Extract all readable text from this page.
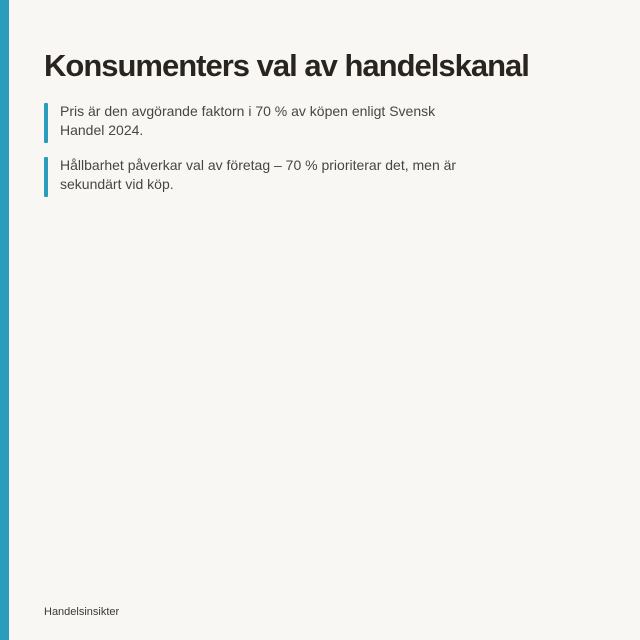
Konsumenters val av handelskanal
Pris är den avgörande faktorn i 70 % av köpen enligt Svensk Handel 2024.
Hållbarhet påverkar val av företag – 70 % prioriterar det, men är sekundärt vid köp.
Handelsinsikter
